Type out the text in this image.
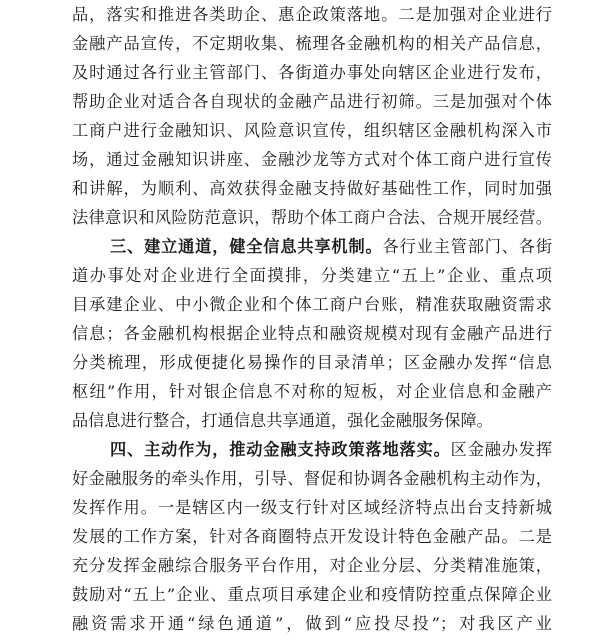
品，落实和推进各类助企、惠企政策落地。二是加强对企业进行
金融产品宣传，不定期收集、梳理各金融机构的相关产品信息，
及时通过各行业主管部门、各街道办事处向辖区企业进行发布，
帮助企业对适合各自现状的金融产品进行初筛。三是加强对个体
工商户进行金融知识、风险意识宣传，组织辖区金融机构深入市
场，通过金融知识讲座、金融沙龙等方式对个体工商户进行宣传
和讲解，为顺利、高效获得金融支持做好基础性工作，同时加强
法律意识和风险防范意识，帮助个体工商户合法、合规开展经营。
三、建立通道，健全信息共享机制。各行业主管部门、各街
道办事处对企业进行全面摸排，分类建立“五上”企业、重点项
目承建企业、中小微企业和个体工商户台账，精准获取融资需求
信息；各金融机构根据企业特点和融资规模对现有金融产品进行
分类梳理，形成便捷化易操作的目录清单；区金融办发挥“信息
枢纽”作用，针对银企信息不对称的短板，对企业信息和金融产
品信息进行整合，打通信息共享通道，强化金融服务保障。
四、主动作为，推动金融支持政策落地落实。区金融办发挥
好金融服务的牵头作用，引导、督促和协调各金融机构主动作为，
发挥作用。一是辖区内一级支行针对区域经济特点出台支持新城
发展的工作方案，针对各商圈特点开发设计特色金融产品。二是
充分发挥金融综合服务平台作用，对企业分层、分类精准施策，
鼓励对“五上”企业、重点项目承建企业和疫情防控重点保障企业
融资需求开通“绿色通道”，做到“应投尽投”；对我区产业
